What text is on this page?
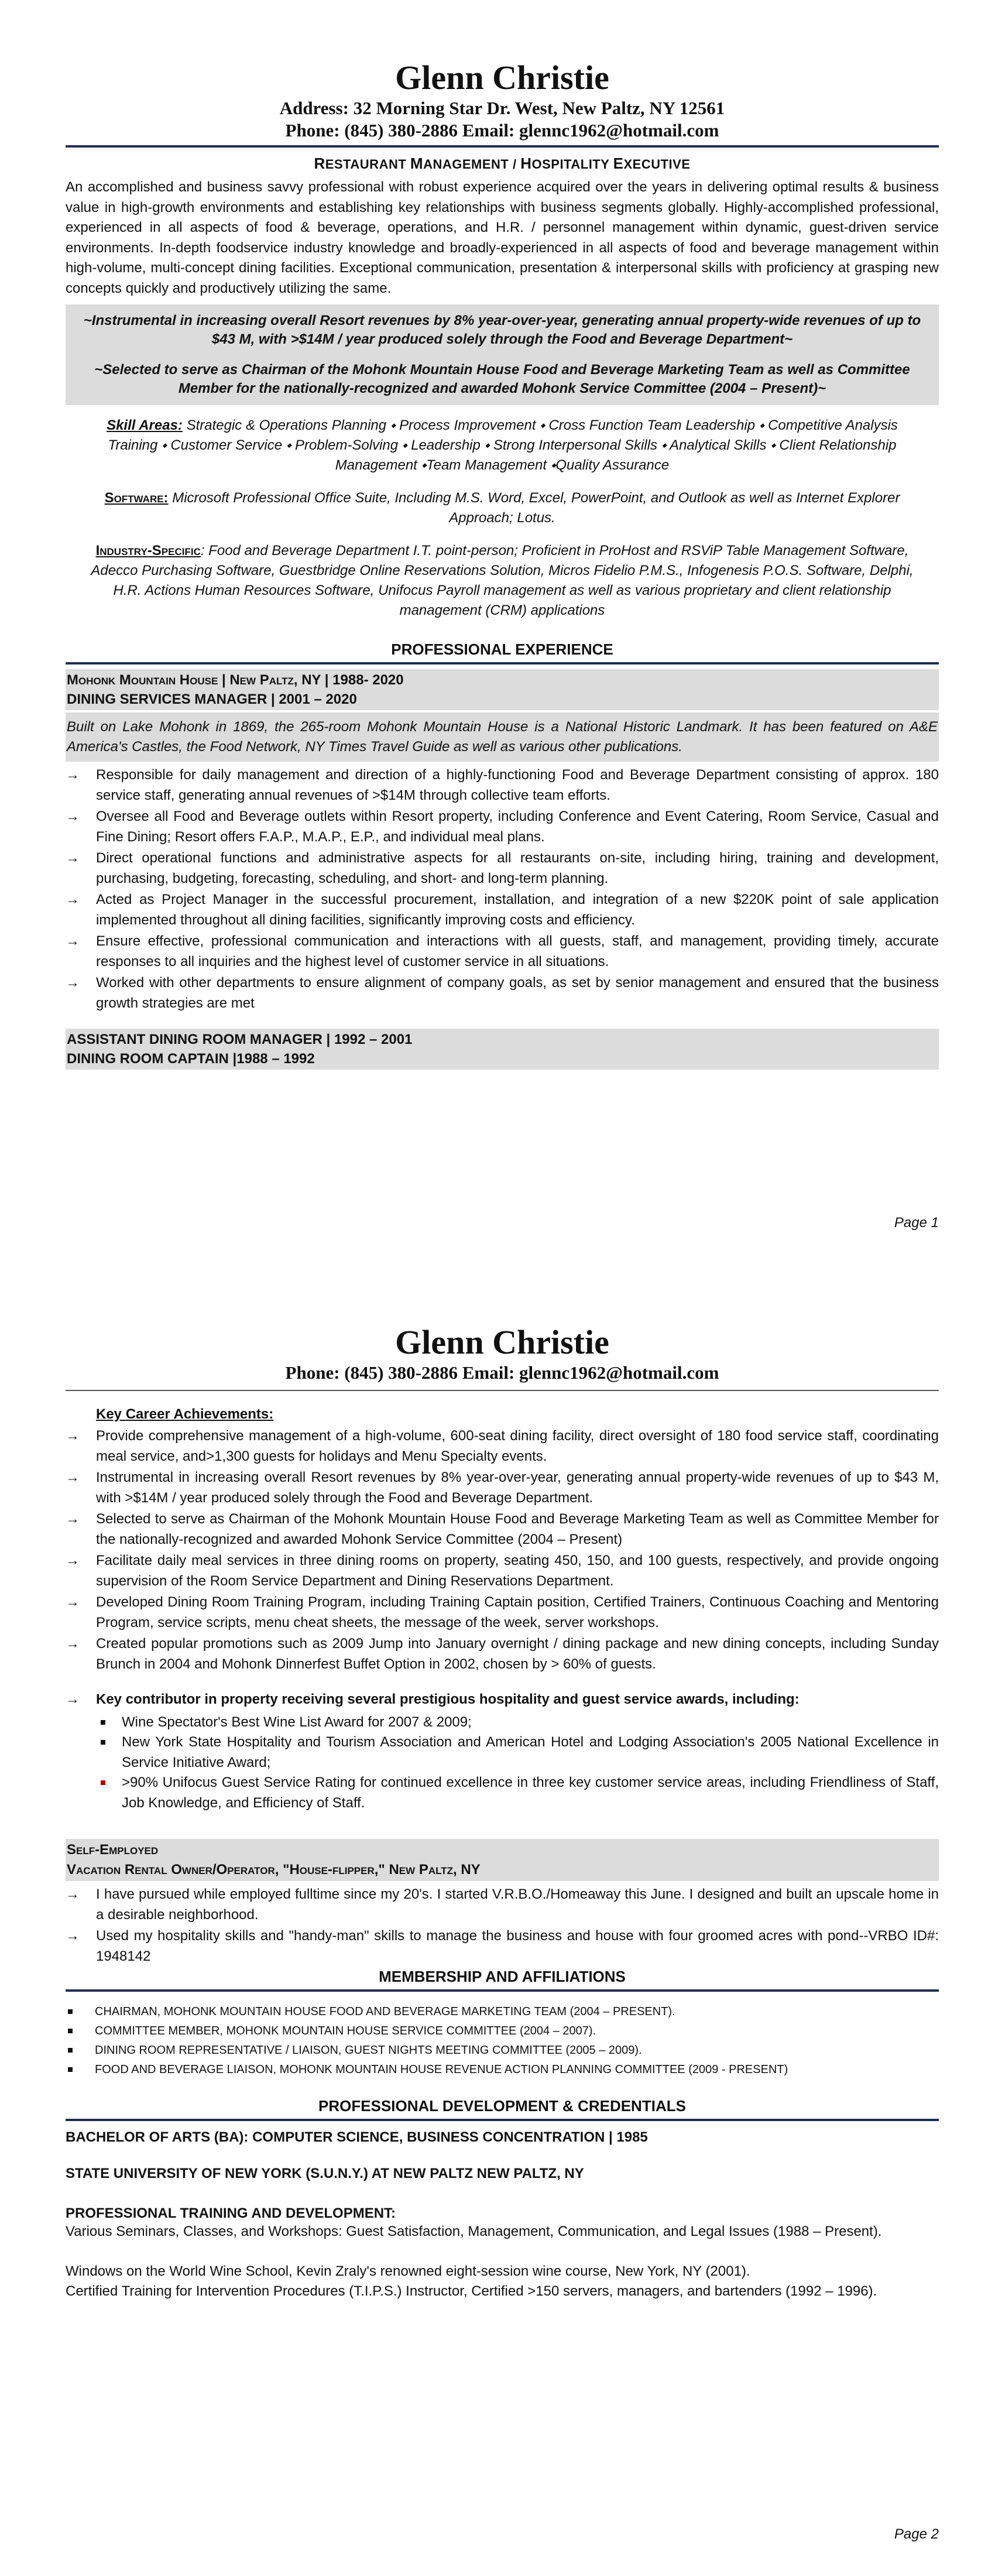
Glenn Christie
Address: 32 Morning Star Dr. West, New Paltz, NY 12561
Phone: (845) 380-2886 Email: glennc1962@hotmail.com
RESTAURANT MANAGEMENT / HOSPITALITY EXECUTIVE
An accomplished and business savvy professional with robust experience acquired over the years in delivering optimal results & business value in high-growth environments and establishing key relationships with business segments globally. Highly-accomplished professional, experienced in all aspects of food & beverage, operations, and H.R. / personnel management within dynamic, guest-driven service environments. In-depth foodservice industry knowledge and broadly-experienced in all aspects of food and beverage management within high-volume, multi-concept dining facilities. Exceptional communication, presentation & interpersonal skills with proficiency at grasping new concepts quickly and productively utilizing the same.

~Instrumental in increasing overall Resort revenues by 8% year-over-year, generating annual property-wide revenues of up to $43 M, with >$14M / year produced solely through the Food and Beverage Department~

~Selected to serve as Chairman of the Mohonk Mountain House Food and Beverage Marketing Team as well as Committee Member for the nationally-recognized and awarded Mohonk Service Committee (2004 – Present)~

Skill Areas: Strategic & Operations Planning ⬩ Process Improvement ⬩ Cross Function Team Leadership ⬩ Competitive Analysis Training ⬩ Customer Service ⬩ Problem-Solving ⬩ Leadership ⬩ Strong Interpersonal Skills ⬩ Analytical Skills ⬩ Client Relationship Management ⬩Team Management ⬩Quality Assurance
Software: Microsoft Professional Office Suite, Including M.S. Word, Excel, PowerPoint, and Outlook as well as Internet Explorer Approach; Lotus.
Industry-Specific: Food and Beverage Department I.T. point-person; Proficient in ProHost and RSViP Table Management Software, Adecco Purchasing Software, Guestbridge Online Reservations Solution, Micros Fidelio P.M.S., Infogenesis P.O.S. Software, Delphi, H.R. Actions Human Resources Software, Unifocus Payroll management as well as various proprietary and client relationship management (CRM) applications
PROFESSIONAL EXPERIENCE
Mohonk Mountain House | New Paltz, NY | 1988- 2020
DINING SERVICES MANAGER | 2001 – 2020
Built on Lake Mohonk in 1869, the 265-room Mohonk Mountain House is a National Historic Landmark. It has been featured on A&E America's Castles, the Food Network, NY Times Travel Guide as well as various other publications.
→ Responsible for daily management and direction of a highly-functioning Food and Beverage Department consisting of approx. 180 service staff, generating annual revenues of >$14M through collective team efforts.
→ Oversee all Food and Beverage outlets within Resort property, including Conference and Event Catering, Room Service, Casual and Fine Dining; Resort offers F.A.P., M.A.P., E.P., and individual meal plans.
→ Direct operational functions and administrative aspects for all restaurants on-site, including hiring, training and development, purchasing, budgeting, forecasting, scheduling, and short- and long-term planning.
→ Acted as Project Manager in the successful procurement, installation, and integration of a new $220K point of sale application implemented throughout all dining facilities, significantly improving costs and efficiency.
→ Ensure effective, professional communication and interactions with all guests, staff, and management, providing timely, accurate responses to all inquiries and the highest level of customer service in all situations.
→ Worked with other departments to ensure alignment of company goals, as set by senior management and ensured that the business growth strategies are met
ASSISTANT DINING ROOM MANAGER | 1992 – 2001
DINING ROOM CAPTAIN |1988 – 1992
Page 1
Glenn Christie
Phone: (845) 380-2886 Email: glennc1962@hotmail.com
Key Career Achievements:
→ Provide comprehensive management of a high-volume, 600-seat dining facility, direct oversight of 180 food service staff, coordinating meal service, and>1,300 guests for holidays and Menu Specialty events.
→ Instrumental in increasing overall Resort revenues by 8% year-over-year, generating annual property-wide revenues of up to $43 M, with >$14M / year produced solely through the Food and Beverage Department.
→ Selected to serve as Chairman of the Mohonk Mountain House Food and Beverage Marketing Team as well as Committee Member for the nationally-recognized and awarded Mohonk Service Committee (2004 – Present)
→ Facilitate daily meal services in three dining rooms on property, seating 450, 150, and 100 guests, respectively, and provide ongoing supervision of the Room Service Department and Dining Reservations Department.
→ Developed Dining Room Training Program, including Training Captain position, Certified Trainers, Continuous Coaching and Mentoring Program, service scripts, menu cheat sheets, the message of the week, server workshops.
→ Created popular promotions such as 2009 Jump into January overnight / dining package and new dining concepts, including Sunday Brunch in 2004 and Mohonk Dinnerfest Buffet Option in 2002, chosen by > 60% of guests.
→ Key contributor in property receiving several prestigious hospitality and guest service awards, including:
Wine Spectator's Best Wine List Award for 2007 & 2009;
New York State Hospitality and Tourism Association and American Hotel and Lodging Association's 2005 National Excellence in Service Initiative Award;
>90% Unifocus Guest Service Rating for continued excellence in three key customer service areas, including Friendliness of Staff, Job Knowledge, and Efficiency of Staff.
Self-Employed
Vacation Rental Owner/Operator, "House-flipper," New Paltz, NY
→ I have pursued while employed fulltime since my 20's. I started V.R.B.O./Homeaway this June. I designed and built an upscale home in a desirable neighborhood.
→ Used my hospitality skills and "handy-man" skills to manage the business and house with four groomed acres with pond--VRBO ID#: 1948142
MEMBERSHIP AND AFFILIATIONS
CHAIRMAN, MOHONK MOUNTAIN HOUSE FOOD AND BEVERAGE MARKETING TEAM (2004 – PRESENT).
COMMITTEE MEMBER, MOHONK MOUNTAIN HOUSE SERVICE COMMITTEE (2004 – 2007).
DINING ROOM REPRESENTATIVE / LIAISON, GUEST NIGHTS MEETING COMMITTEE (2005 – 2009).
FOOD AND BEVERAGE LIAISON, MOHONK MOUNTAIN HOUSE REVENUE ACTION PLANNING COMMITTEE (2009 - PRESENT)
PROFESSIONAL DEVELOPMENT & CREDENTIALS
BACHELOR OF ARTS (BA): COMPUTER SCIENCE, BUSINESS CONCENTRATION | 1985
STATE UNIVERSITY OF NEW YORK (S.U.N.Y.) AT NEW PALTZ NEW PALTZ, NY
PROFESSIONAL TRAINING AND DEVELOPMENT:
Various Seminars, Classes, and Workshops: Guest Satisfaction, Management, Communication, and Legal Issues (1988 – Present).
Windows on the World Wine School, Kevin Zraly's renowned eight-session wine course, New York, NY (2001).
Certified Training for Intervention Procedures (T.I.P.S.) Instructor, Certified >150 servers, managers, and bartenders (1992 – 1996).
Page 2
